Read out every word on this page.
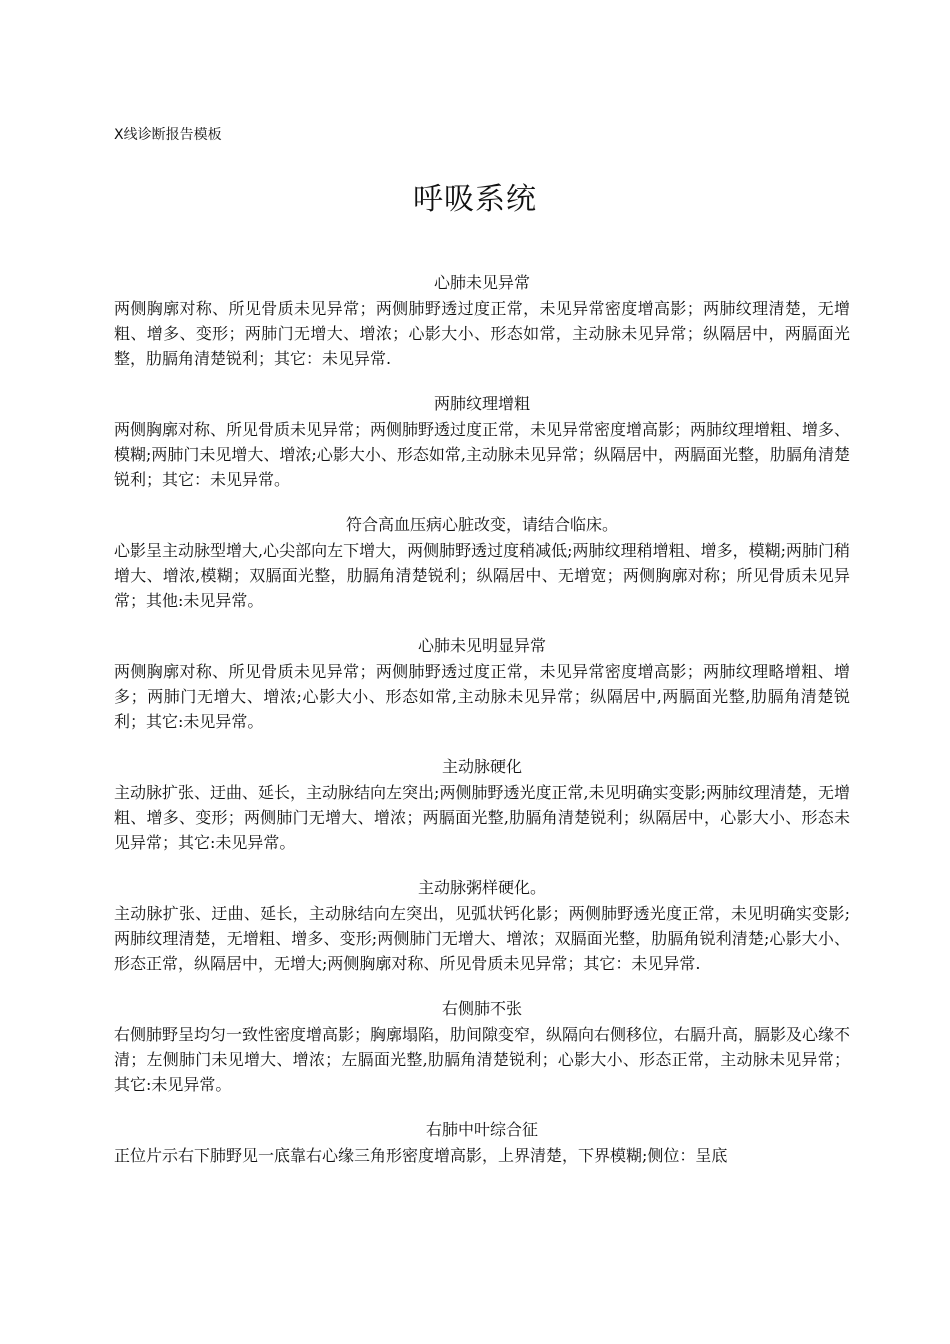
X线诊断报告模板
呼吸系统
心肺未见异常
两侧胸廓对称、所见骨质未见异常；两侧肺野透过度正常，未见异常密度增高影；两肺纹理清楚，无增粗、增多、变形；两肺门无增大、增浓；心影大小、形态如常，主动脉未见异常；纵隔居中，两膈面光整，肋膈角清楚锐利；其它：未见异常.
两肺纹理增粗
两侧胸廓对称、所见骨质未见异常；两侧肺野透过度正常，未见异常密度增高影；两肺纹理增粗、增多、模糊;两肺门未见增大、增浓;心影大小、形态如常,主动脉未见异常；纵隔居中，两膈面光整，肋膈角清楚锐利；其它：未见异常。
符合高血压病心脏改变，请结合临床。
心影呈主动脉型增大,心尖部向左下增大，两侧肺野透过度稍减低;两肺纹理稍增粗、增多，模糊;两肺门稍增大、增浓,模糊；双膈面光整，肋膈角清楚锐利；纵隔居中、无增宽；两侧胸廓对称；所见骨质未见异常；其他:未见异常。
心肺未见明显异常
两侧胸廓对称、所见骨质未见异常；两侧肺野透过度正常，未见异常密度增高影；两肺纹理略增粗、增多；两肺门无增大、增浓;心影大小、形态如常,主动脉未见异常；纵隔居中,两膈面光整,肋膈角清楚锐利；其它:未见异常。
主动脉硬化
主动脉扩张、迂曲、延长，主动脉结向左突出;两侧肺野透光度正常,未见明确实变影;两肺纹理清楚，无增粗、增多、变形；两侧肺门无增大、增浓；两膈面光整,肋膈角清楚锐利；纵隔居中，心影大小、形态未见异常；其它:未见异常。
主动脉粥样硬化。
主动脉扩张、迂曲、延长，主动脉结向左突出，见弧状钙化影；两侧肺野透光度正常，未见明确实变影;两肺纹理清楚，无增粗、增多、变形;两侧肺门无增大、增浓；双膈面光整，肋膈角锐利清楚;心影大小、形态正常，纵隔居中，无增大;两侧胸廓对称、所见骨质未见异常；其它：未见异常.
右侧肺不张
右侧肺野呈均匀一致性密度增高影；胸廓塌陷，肋间隙变窄，纵隔向右侧移位，右膈升高，膈影及心缘不清；左侧肺门未见增大、增浓；左膈面光整,肋膈角清楚锐利；心影大小、形态正常，主动脉未见异常；其它:未见异常。
右肺中叶综合征
正位片示右下肺野见一底靠右心缘三角形密度增高影，上界清楚，下界模糊;侧位：呈底
